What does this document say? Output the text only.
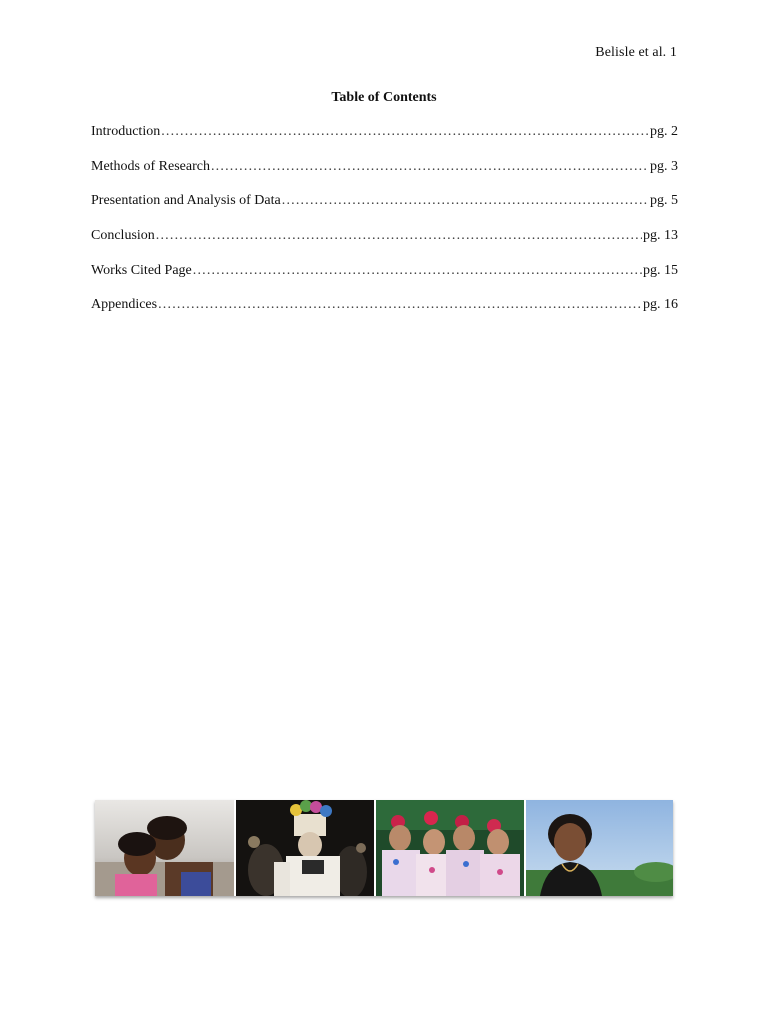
Belisle et al. 1
Table of Contents
Introduction .....	pg. 2
Methods of Research .....	pg. 3
Presentation and Analysis of Data .....	pg. 5
Conclusion .....	pg. 13
Works Cited Page .....	pg. 15
Appendices .....	pg. 16
